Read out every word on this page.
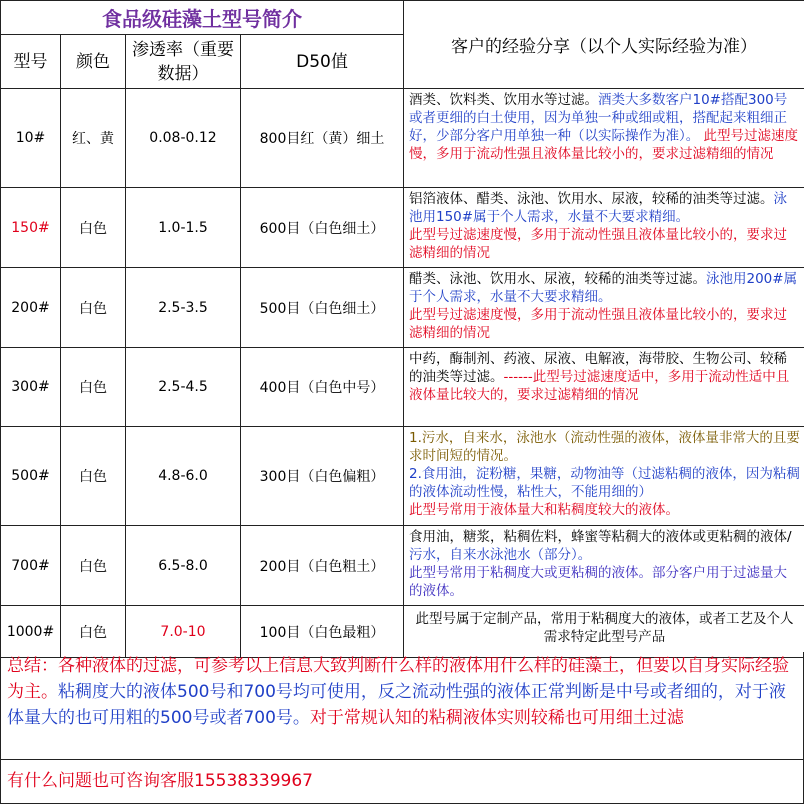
食品级硅藻土型号简介				客户的经验分享（以个人实际经验为准）
型号	颜色	渗透率（重要数据）	D50值	
10#	红、黄	0.08-0.12	800目红（黄）细土	酒类、饮料类、饮用水等过滤。酒类大多数客户10#搭配300号或者更细的白土使用，因为单独一种或细或粗，搭配起来粗细正好，少部分客户用单独一种（以实际操作为准）。 此型号过滤速度慢，多用于流动性强且液体量比较小的，要求过滤精细的情况

150#	白色	1.0-1.5	600目（白色细土）	铝箔液体、醋类、泳池、饮用水、尿液，较稀的油类等过滤。泳池用150#属于个人需求，水量不大要求精细。
此型号过滤速度慢，多用于流动性强且液体量比较小的，要求过滤精细的情况

200#	白色	2.5-3.5	500目（白色细土）	醋类、泳池、饮用水、尿液，较稀的油类等过滤。泳池用200#属于个人需求，水量不大要求精细。
此型号过滤速度慢，多用于流动性强且液体量比较小的，要求过滤精细的情况

300#	白色	2.5-4.5	400目（白色中号）	中药，酶制剂、药液、尿液、电解液，海带胶、生物公司、较稀的油类等过滤。------此型号过滤速度适中，多用于流动性适中且液体量比较大的，要求过滤精细的情况

500#	白色	4.8-6.0	300目（白色偏粗）	1.污水，自来水，泳池水（流动性强的液体，液体量非常大的且要求时间短的情况。
2.食用油，淀粉糖，果糖，动物油等（过滤粘稠的液体，因为粘稠的液体流动性慢，粘性大，不能用细的）
此型号常用于液体量大和粘稠度较大的液体。

700#	白色	6.5-8.0	200目（白色粗土）	食用油，糖浆，粘稠佐料，蜂蜜等粘稠大的液体或更粘稠的液体/污水，自来水泳池水（部分）。
此型号常用于粘稠度大或更粘稠的液体。部分客户用于过滤量大的液体。

1000#	白色	7.0-10	100目（白色最粗）	此型号属于定制产品，常用于粘稠度大的液体，或者工艺及个人需求特定此型号产品
总结：各种液体的过滤，可参考以上信息大致判断什么样的液体用什么样的硅藻土，但要以自身实际经验为主。粘稠度大的液体500号和700号均可使用，反之流动性强的液体正常判断是中号或者细的，对于液体量大的也可用粗的500号或者700号。对于常规认知的粘稠液体实则较稀也可用细土过滤
有什么问题也可咨询客服15538339967
